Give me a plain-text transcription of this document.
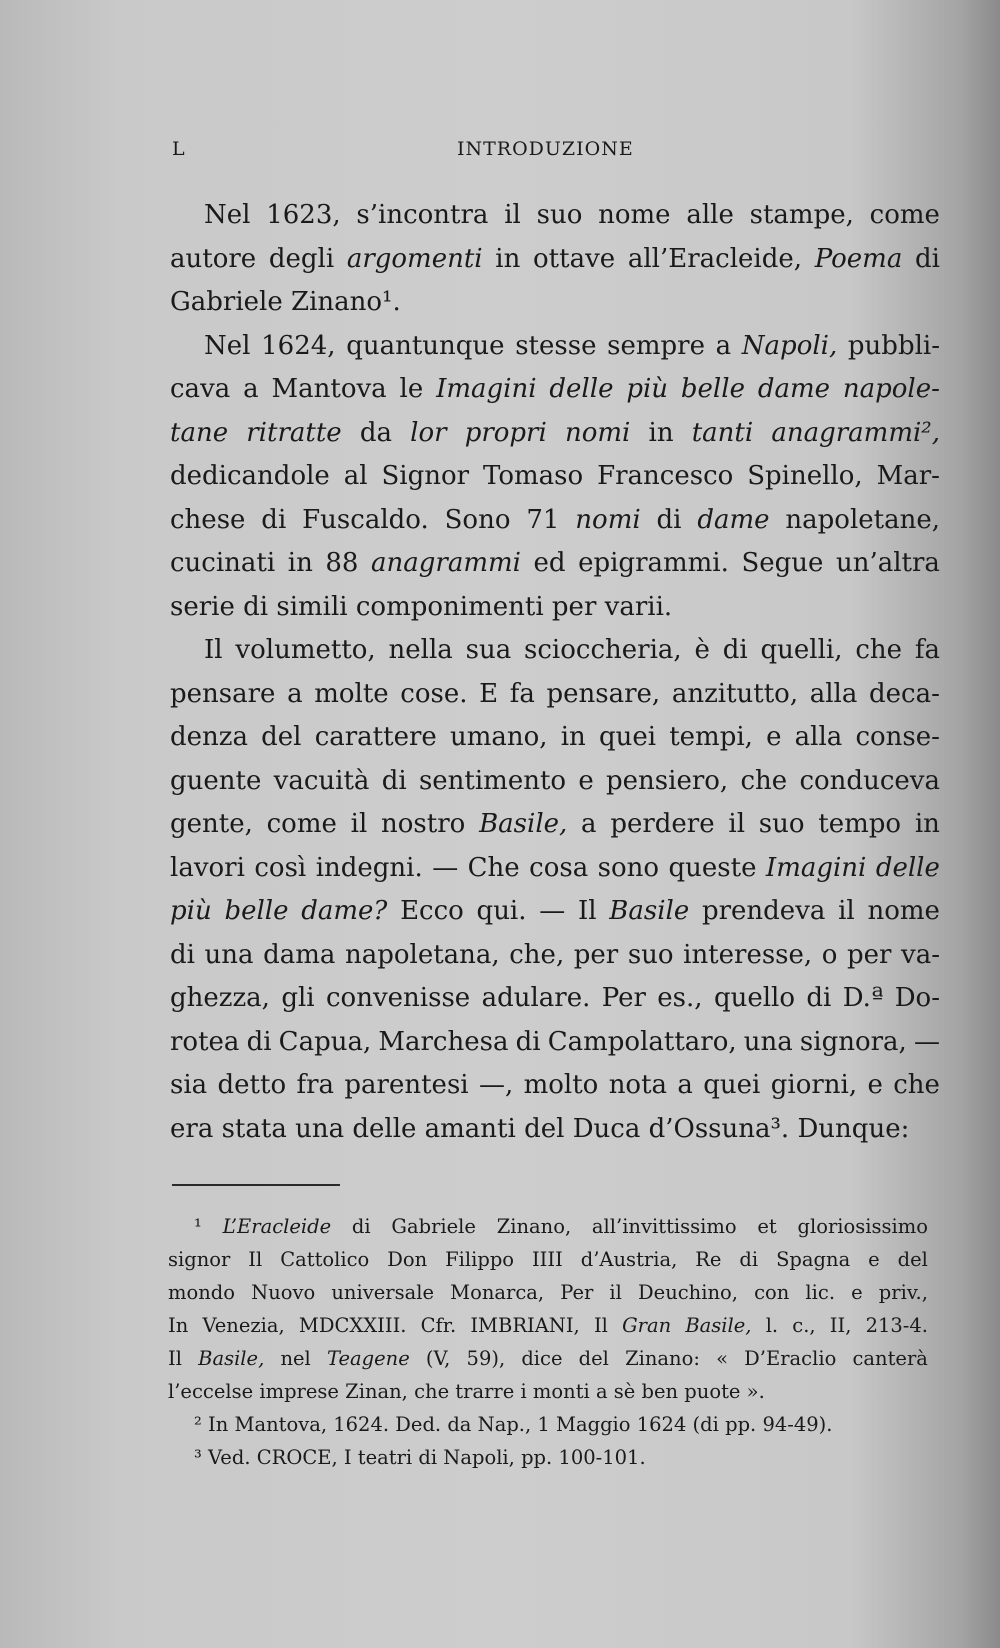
L	INTRODUZIONE
Nel 1623, s’incontra il suo nome alle stampe, come
autore degli argomenti in ottave all’Eracleide, Poema di
Gabriele Zinano¹.
Nel 1624, quantunque stesse sempre a Napoli, pubbli-
cava a Mantova le Imagini delle più belle dame napole-
tane ritratte da lor propri nomi in tanti anagrammi²,
dedicandole al Signor Tomaso Francesco Spinello, Mar-
chese di Fuscaldo. Sono 71 nomi di dame napoletane,
cucinati in 88 anagrammi ed epigrammi. Segue un’altra
serie di simili componimenti per varii.
Il volumetto, nella sua scioccheria, è di quelli, che fa
pensare a molte cose. E fa pensare, anzitutto, alla deca-
denza del carattere umano, in quei tempi, e alla conse-
guente vacuità di sentimento e pensiero, che conduceva
gente, come il nostro Basile, a perdere il suo tempo in
lavori così indegni. — Che cosa sono queste Imagini delle
più belle dame? Ecco qui. — Il Basile prendeva il nome
di una dama napoletana, che, per suo interesse, o per va-
ghezza, gli convenisse adulare. Per es., quello di D.ª Do-
rotea di Capua, Marchesa di Campolattaro, una signora, —
sia detto fra parentesi —, molto nota a quei giorni, e che
era stata una delle amanti del Duca d’Ossuna³. Dunque:
¹ L’Eracleide di Gabriele Zinano, all’invittissimo et gloriosissimo
signor Il Cattolico Don Filippo IIII d’Austria, Re di Spagna e del
mondo Nuovo universale Monarca, Per il Deuchino, con lic. e priv.,
In Venezia, MDCXXIII. Cfr. IMBRIANI, Il Gran Basile, l. c., II, 213-4.
Il Basile, nel Teagene (V, 59), dice del Zinano: « D’Eraclio canterà
l’eccelse imprese Zinan, che trarre i monti a sè ben puote ».
² In Mantova, 1624. Ded. da Nap., 1 Maggio 1624 (di pp. 94-49).
³ Ved. CROCE, I teatri di Napoli, pp. 100-101.
